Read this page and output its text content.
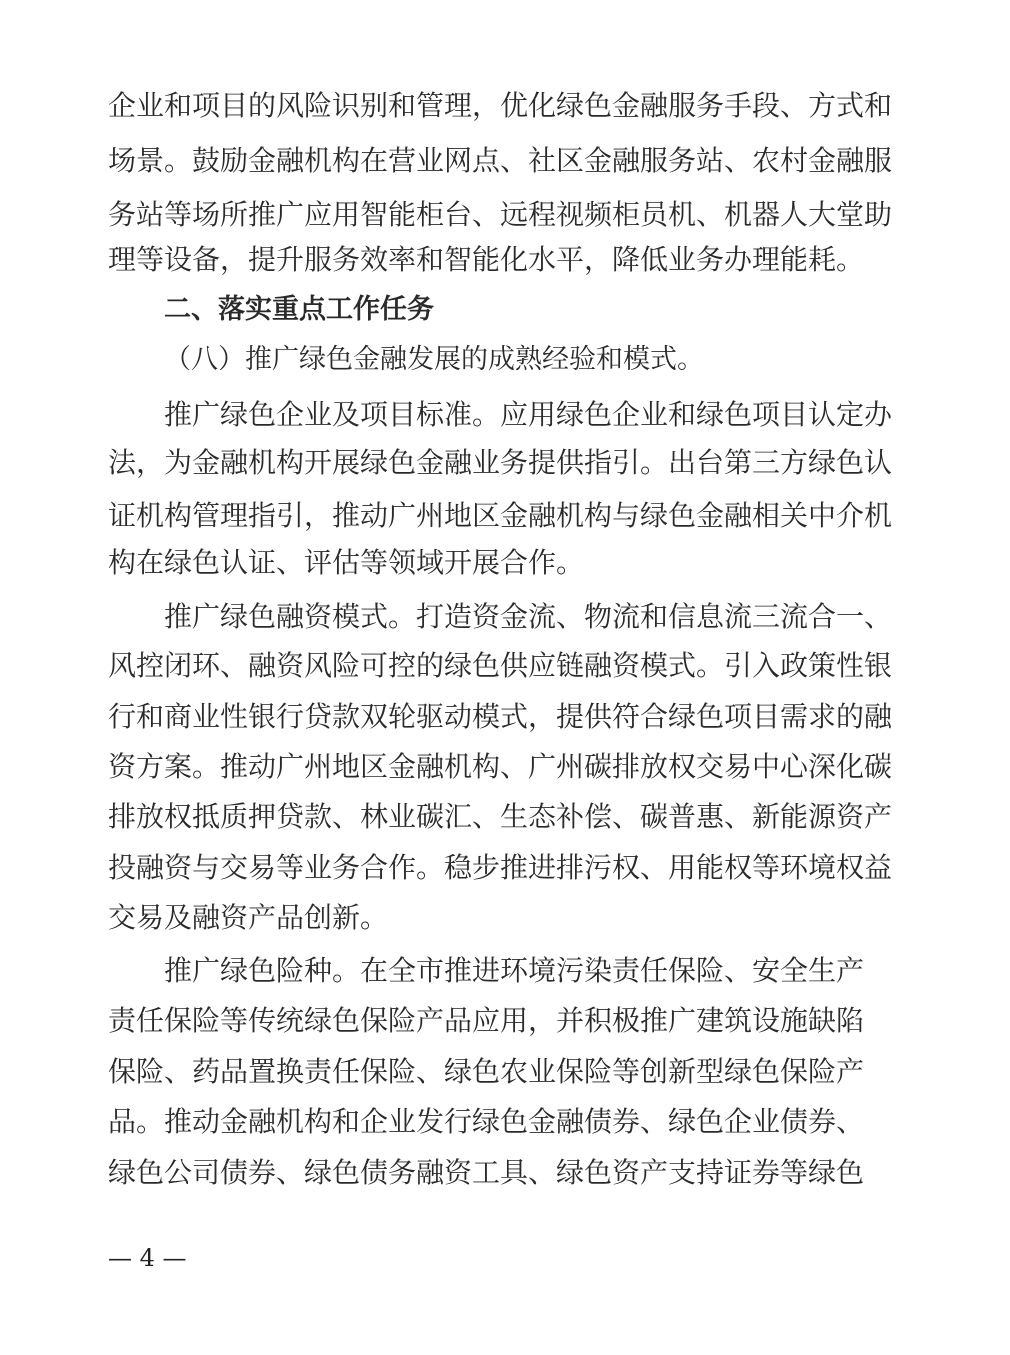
企业和项目的风险识别和管理，优化绿色金融服务手段、方式和
场景。鼓励金融机构在营业网点、社区金融服务站、农村金融服
务站等场所推广应用智能柜台、远程视频柜员机、机器人大堂助
理等设备，提升服务效率和智能化水平，降低业务办理能耗。
二、落实重点工作任务
（八）推广绿色金融发展的成熟经验和模式。
推广绿色企业及项目标准。应用绿色企业和绿色项目认定办
法，为金融机构开展绿色金融业务提供指引。出台第三方绿色认
证机构管理指引，推动广州地区金融机构与绿色金融相关中介机
构在绿色认证、评估等领域开展合作。
推广绿色融资模式。打造资金流、物流和信息流三流合一、
风控闭环、融资风险可控的绿色供应链融资模式。引入政策性银
行和商业性银行贷款双轮驱动模式，提供符合绿色项目需求的融
资方案。推动广州地区金融机构、广州碳排放权交易中心深化碳
排放权抵质押贷款、林业碳汇、生态补偿、碳普惠、新能源资产
投融资与交易等业务合作。稳步推进排污权、用能权等环境权益
交易及融资产品创新。
推广绿色险种。在全市推进环境污染责任保险、安全生产
责任保险等传统绿色保险产品应用，并积极推广建筑设施缺陷
保险、药品置换责任保险、绿色农业保险等创新型绿色保险产
品。推动金融机构和企业发行绿色金融债券、绿色企业债券、
绿色公司债券、绿色债务融资工具、绿色资产支持证券等绿色
— 4 —
